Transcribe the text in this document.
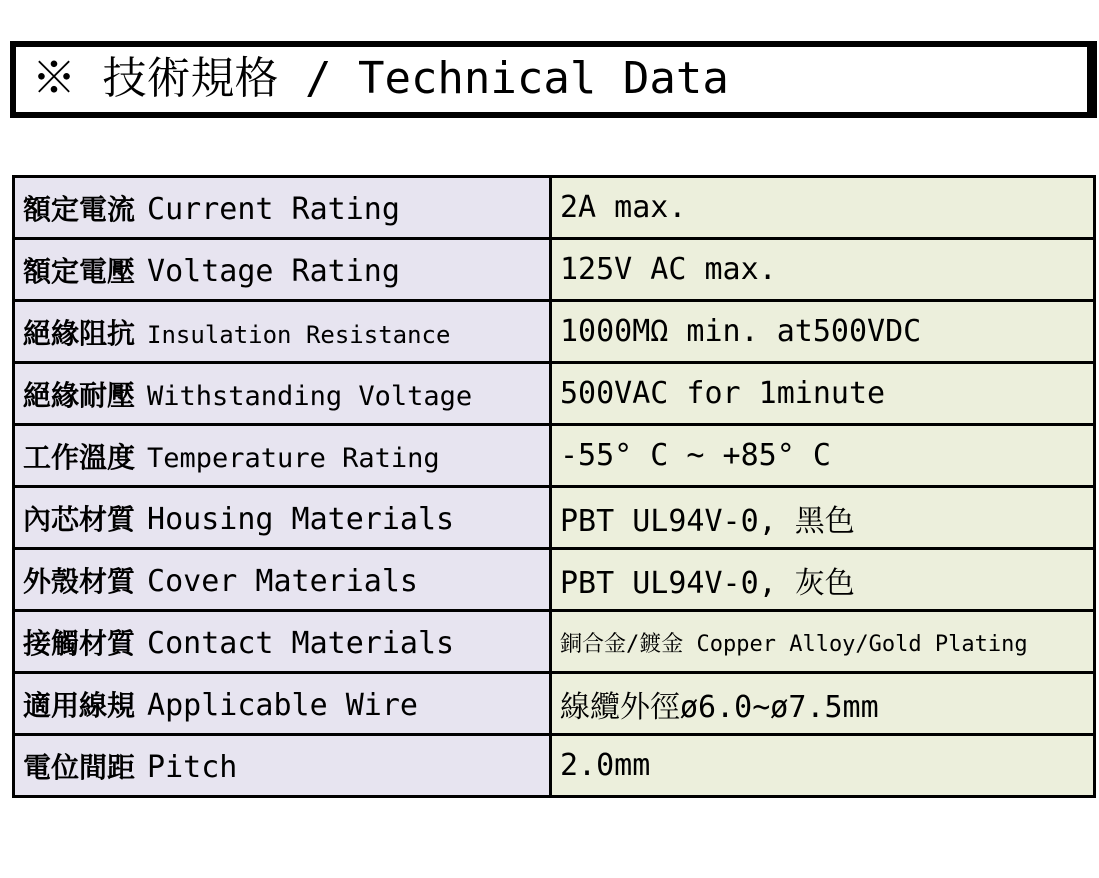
※ 技術規格 / Technical Data
額定電流 Current Rating	2A max.
額定電壓 Voltage Rating	125V AC max.
絕緣阻抗 Insulation Resistance	1000MΩ min. at500VDC
絕緣耐壓 Withstanding Voltage	500VAC for 1minute
工作溫度 Temperature Rating	-55° C ~ +85° C
內芯材質 Housing Materials	PBT UL94V-0, 黑色
外殼材質 Cover Materials	PBT UL94V-0, 灰色
接觸材質 Contact Materials	銅合金/鍍金 Copper Alloy/Gold Plating
適用線規 Applicable Wire	線纜外徑ø6.0~ø7.5mm
電位間距 Pitch	2.0mm
